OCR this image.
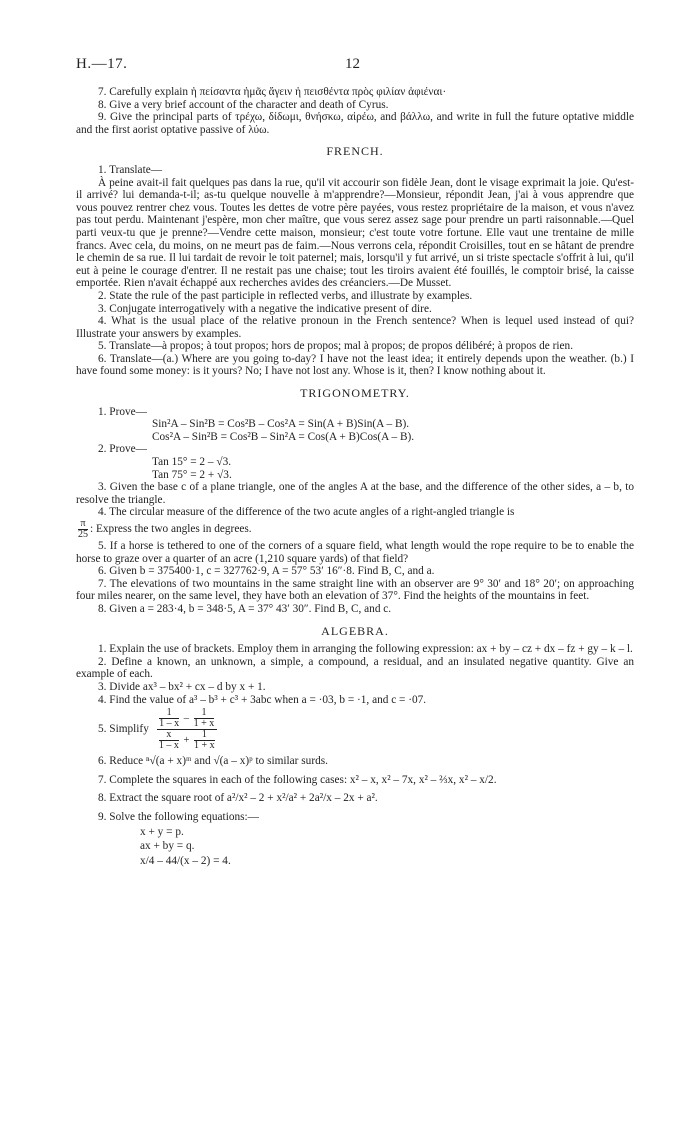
H.—17.	12

7. Carefully explain ἡ πείσαντα ἡμᾶς ἄγειν ἡ πεισθέντα πρὸς φιλίαν ἀφιέναι·

8. Give a very brief account of the character and death of Cyrus.

9. Give the principal parts of τρέχω, δίδωμι, θνήσκω, αἱρέω, and βάλλω, and write in full the future optative middle and the first aorist optative passive of λύω.

FRENCH.

1. Translate—

À peine avait-il fait quelques pas dans la rue, qu'il vit accourir son fidèle Jean, dont le visage exprimait la joie. Qu'est-il arrivé? lui demanda-t-il; as-tu quelque nouvelle à m'apprendre?—Monsieur, répondit Jean, j'ai à vous apprendre que vous pouvez rentrer chez vous. Toutes les dettes de votre père payées, vous restez propriétaire de la maison, et vous n'avez pas tout perdu. Maintenant j'espère, mon cher maître, que vous serez assez sage pour prendre un parti raisonnable.—Quel parti veux-tu que je prenne?—Vendre cette maison, monsieur; c'est toute votre fortune. Elle vaut une trentaine de mille francs. Avec cela, du moins, on ne meurt pas de faim.—Nous verrons cela, répondit Croisilles, tout en se hâtant de prendre le chemin de sa rue. Il lui tardait de revoir le toit paternel; mais, lorsqu'il y fut arrivé, un si triste spectacle s'offrit à lui, qu'il eut à peine le courage d'entrer. Il ne restait pas une chaise; tout les tiroirs avaient été fouillés, le comptoir brisé, la caisse emportée. Rien n'avait échappé aux recherches avides des créanciers.—De Musset.

2. State the rule of the past participle in reflected verbs, and illustrate by examples.

3. Conjugate interrogatively with a negative the indicative present of dire.

4. What is the usual place of the relative pronoun in the French sentence? When is lequel used instead of qui? Illustrate your answers by examples.

5. Translate—à propos; à tout propos; hors de propos; mal à propos; de propos délibéré; à propos de rien.

6. Translate—(a.) Where are you going to-day? I have not the least idea; it entirely depends upon the weather. (b.) I have found some money: is it yours? No; I have not lost any. Whose is it, then? I know nothing about it.

TRIGONOMETRY.

1. Prove—

Sin²A – Sin²B = Cos²B – Cos²A = Sin(A + B)Sin(A – B).

Cos²A – Sin²B = Cos²B – Sin²A = Cos(A + B)Cos(A – B).

2. Prove—

Tan 15° = 2 – √3.

Tan 75° = 2 + √3.

3. Given the base c of a plane triangle, one of the angles A at the base, and the difference of the other sides, a – b, to resolve the triangle.

4. The circular measure of the difference of the two acute angles of a right-angled triangle is

$\frac{\pi}{25}$ : Express the two angles in degrees.

5. If a horse is tethered to one of the corners of a square field, what length would the rope require to be to enable the horse to graze over a quarter of an acre (1,210 square yards) of that field?

6. Given b = 375400·1, c = 327762·9, A = 57° 53′ 16″·8. Find B, C, and a.

7. The elevations of two mountains in the same straight line with an observer are 9° 30′ and 18° 20′; on approaching four miles nearer, on the same level, they have both an elevation of 37°. Find the heights of the mountains in feet.

8. Given a = 283·4, b = 348·5, A = 37° 43′ 30″. Find B, C, and c.

ALGEBRA.

1. Explain the use of brackets. Employ them in arranging the following expression: ax + by – cz + dx – fz + gy – k – l.

2. Define a known, an unknown, a simple, a compound, a residual, and an insulated negative quantity. Give an example of each.

3. Divide ax³ – bx² + cx – d by x + 1.

4. Find the value of a³ – b³ + c³ + 3abc when a = ·03, b = ·1, and c = ·07.

5. Simplify $\frac{\frac{1}{1 - x} - \frac{1}{1 + x}}{\frac{x}{1 - x} + \frac{1}{1 + x}}$

6. Reduce ⁿ√(a + x)ᵐ and √(a – x)ᵖ to similar surds.

7. Complete the squares in each of the following cases: x² – x, x² – 7x, x² – ⅔x, x² – x/2.

8. Extract the square root of a²/x² – 2 + x²/a² + 2a²/x – 2x + a².

9. Solve the following equations:—

x + y = p.

ax + by = q.

x/4 – 44/(x – 2) = 4.
